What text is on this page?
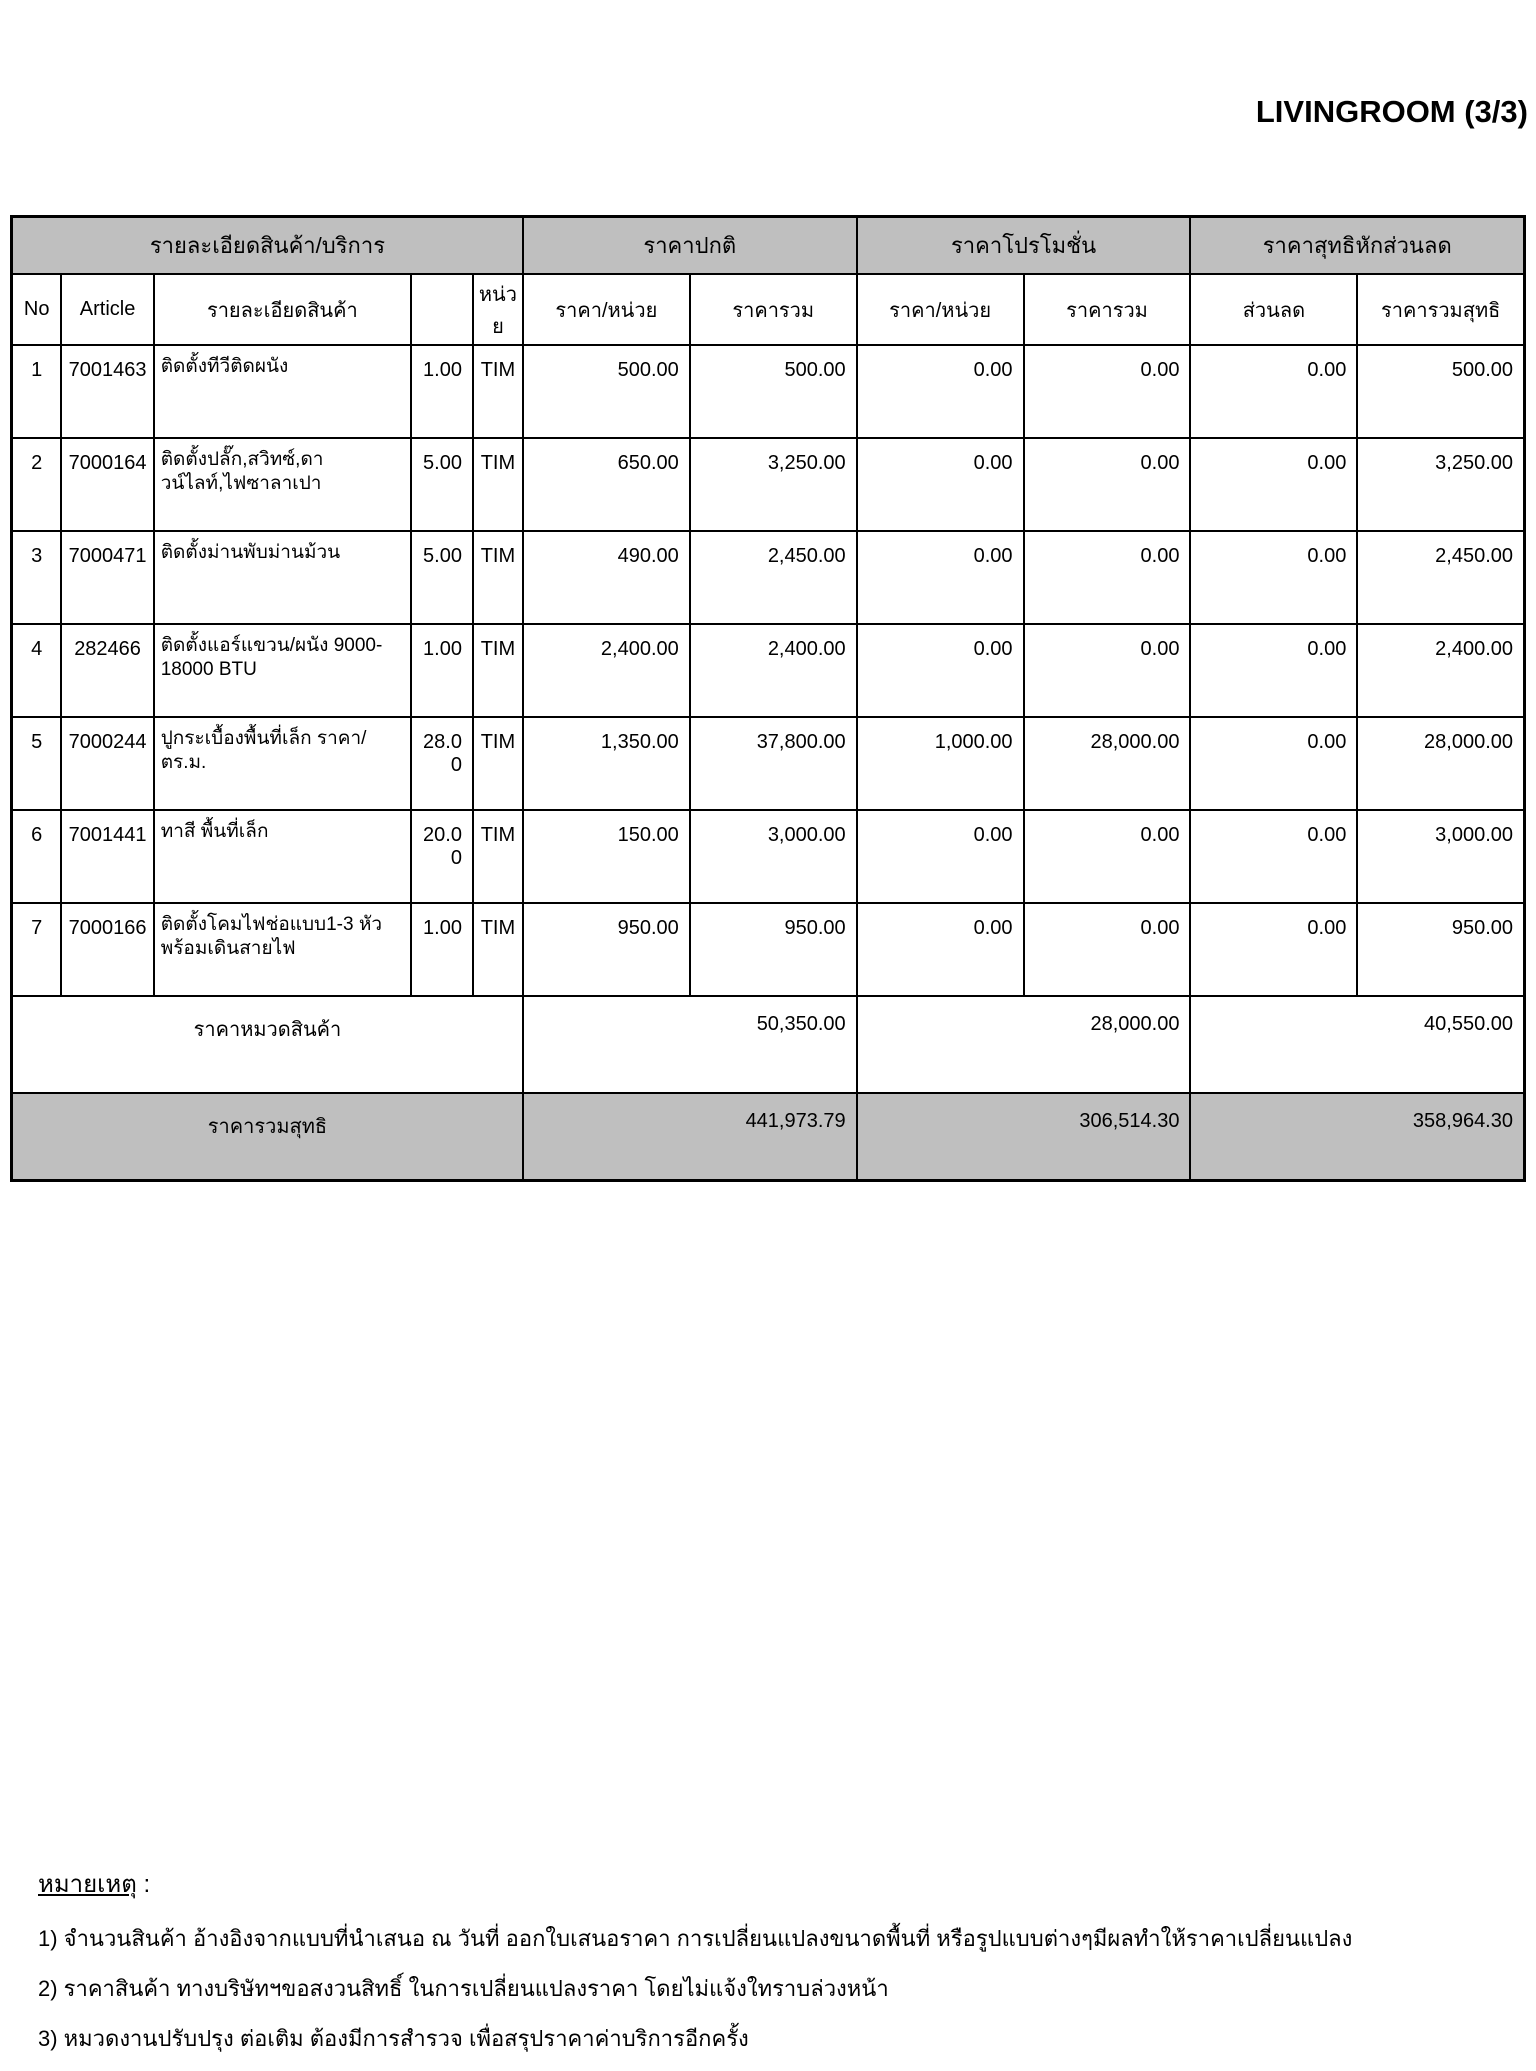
LIVINGROOM (3/3)
รายละเอียดสินค้า/บริการ					ราคาปกติ		ราคาโปรโมชั่น		ราคาสุทธิหักส่วนลด	
No	Article	รายละเอียดสินค้า		หน่วย	ราคา/หน่วย	ราคารวม	ราคา/หน่วย	ราคารวม	ส่วนลด	ราคารวมสุทธิ
1	7001463	ติดตั้งทีวีติดผนัง	1.00	TIM	500.00	500.00	0.00	0.00	0.00	500.00
2	7000164	ติดตั้งปลั๊ก,สวิทซ์,ดาวน์ไลท์,ไฟซาลาเปา	5.00	TIM	650.00	3,250.00	0.00	0.00	0.00	3,250.00
3	7000471	ติดตั้งม่านพับม่านม้วน	5.00	TIM	490.00	2,450.00	0.00	0.00	0.00	2,450.00
4	282466	ติดตั้งแอร์แขวน/ผนัง 9000-18000 BTU	1.00	TIM	2,400.00	2,400.00	0.00	0.00	0.00	2,400.00
5	7000244	ปูกระเบื้องพื้นที่เล็ก ราคา/ตร.ม.	28.00	TIM	1,350.00	37,800.00	1,000.00	28,000.00	0.00	28,000.00
6	7001441	ทาสี พื้นที่เล็ก	20.00	TIM	150.00	3,000.00	0.00	0.00	0.00	3,000.00
7	7000166	ติดตั้งโคมไฟช่อแบบ1-3 หัวพร้อมเดินสายไฟ	1.00	TIM	950.00	950.00	0.00	0.00	0.00	950.00
ราคาหมวดสินค้า					50,350.00		28,000.00		40,550.00	
ราคารวมสุทธิ					441,973.79		306,514.30		358,964.30	
หมายเหตุ :
1) จำนวนสินค้า อ้างอิงจากแบบที่นำเสนอ ณ วันที่ ออกใบเสนอราคา การเปลี่ยนแปลงขนาดพื้นที่ หรือรูปแบบต่างๆมีผลทำให้ราคาเปลี่ยนแปลง
2) ราคาสินค้า ทางบริษัทฯขอสงวนสิทธิ์ ในการเปลี่ยนแปลงราคา โดยไม่แจ้งใทราบล่วงหน้า
3) หมวดงานปรับปรุง ต่อเติม ต้องมีการสำรวจ เพื่อสรุปราคาค่าบริการอีกครั้ง
